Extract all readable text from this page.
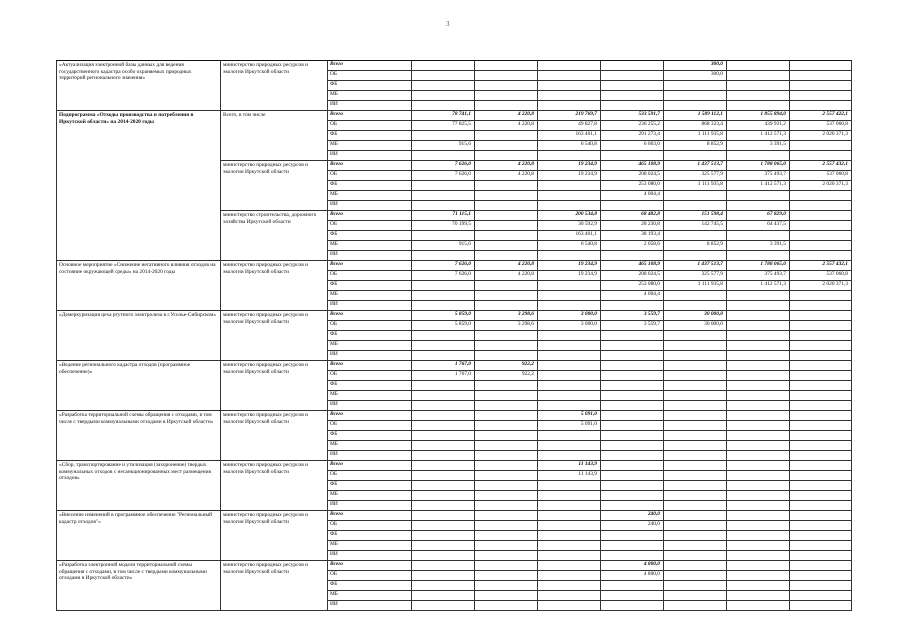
3
«Актуализация электронной базы данных для ведения государственного кадастра особо охраняемых природных территорий регионального значения»	министерство природных ресурсов и экологии Иркутской области	Всего					300,0		
		ОБ					300,0		
		ФБ							
		МБ							
		ИИ							
Подпрограмма «Отходы производства и потребления в Иркутской области» на 2014-2020 годы	Всего, в том числе	Всего	78 741,1	4 220,8	219 769,7	533 591,7	1 589 112,1	1 855 894,0	2 557 422,1
		ОБ	77 825,5	4 220,8	49 827,8	236 255,2	868 323,4	439 931,2	537 060,8
		ФБ			163 401,1	291 273,4	1 111 935,8	1 412 571,3	2 020 371,3
		МБ	915,6		6 540,8	6 063,0	8 852,9	3 391,5	
		ИИ							
	министерство природных ресурсов и экологии Иркутской области	Всего	7 626,0	4 220,8	19 234,9	465 108,9	1 437 513,7	1 788 065,0	2 557 432,1
		ОБ	7 626,0	4 220,8	19 234,9	208 024,5	325 577,9	375 493,7	537 060,8
		ФБ				253 080,0	1 111 935,8	1 412 571,3	2 020 371,3
		МБ				4 004,4			
		ИИ							
	министерство строительства, дорожного хозяйства Иркутской области	Всего	71 115,1		200 534,8	68 482,8	151 598,4	67 829,0	
		ОБ	70 199,5		30 592,9	28 230,8	142 745,5	64 437,5	
		ФБ			163 401,1	38 193,4			
		МБ	915,6		6 540,8	2 058,6	8 852,9	3 391,5	
		ИИ							
Основное мероприятие «Снижение негативного влияния отходов на состояние окружающей среды» на 2014-2020 годы	министерство природных ресурсов и экологии Иркутской области	Всего	7 626,0	4 220,8	19 234,9	465 108,9	1 437 513,7	1 788 065,0	2 557 432,1
		ОБ	7 626,0	4 220,8	19 234,9	208 024,5	325 577,9	375 493,7	537 060,8
		ФБ				253 080,0	1 111 935,8	1 412 571,3	2 020 371,3
		МБ				4 004,4			
		ИИ							
«Демеркуризация цеха ртутного электролиза в г.Усолье-Сибирском»	министерство природных ресурсов и экологии Иркутской области	Всего	5 859,0	3 298,6	3 000,0	3 559,7	30 000,0		
		ОБ	5 859,0	3 298,6	3 000,0	3 559,7	30 000,0		
		ФБ							
		МБ							
		ИИ							
«Ведение регионального кадастра отходов (программное обеспечение)»	министерство природных ресурсов и экологии Иркутской области	Всего	1 767,0	922,2					
		ОБ	1 767,0	922,2					
		ФБ							
		МБ							
		ИИ							
«Разработка территориальной схемы обращения с отходами, в том числе с твердыми коммунальными отходами в Иркутской области»	министерство природных ресурсов и экологии Иркутской области	Всего			5 091,0				
		ОБ			5 091,0				
		ФБ							
		МБ							
		ИИ							
«Сбор, транспортирование и утилизация (захоронение) твердых коммунальных отходов с несанкционированных мест размещения отходов»	министерство природных ресурсов и экологии Иркутской области	Всего			11 143,9				
		ОБ			11 143,9				
		ФБ							
		МБ							
		ИИ							
«Внесение изменений в программное обеспечение "Региональный кадастр отходов"»	министерство природных ресурсов и экологии Иркутской области	Всего				240,0			
		ОБ				240,0			
		ФБ							
		МБ							
		ИИ							
«Разработка электронной модели территориальной схемы обращения с отходами, в том числе с твердыми коммунальными отходами в Иркутской области»	министерство природных ресурсов и экологии Иркутской области	Всего				4 800,0			
		ОБ				4 800,0			
		ФБ							
		МБ							
		ИИ							
